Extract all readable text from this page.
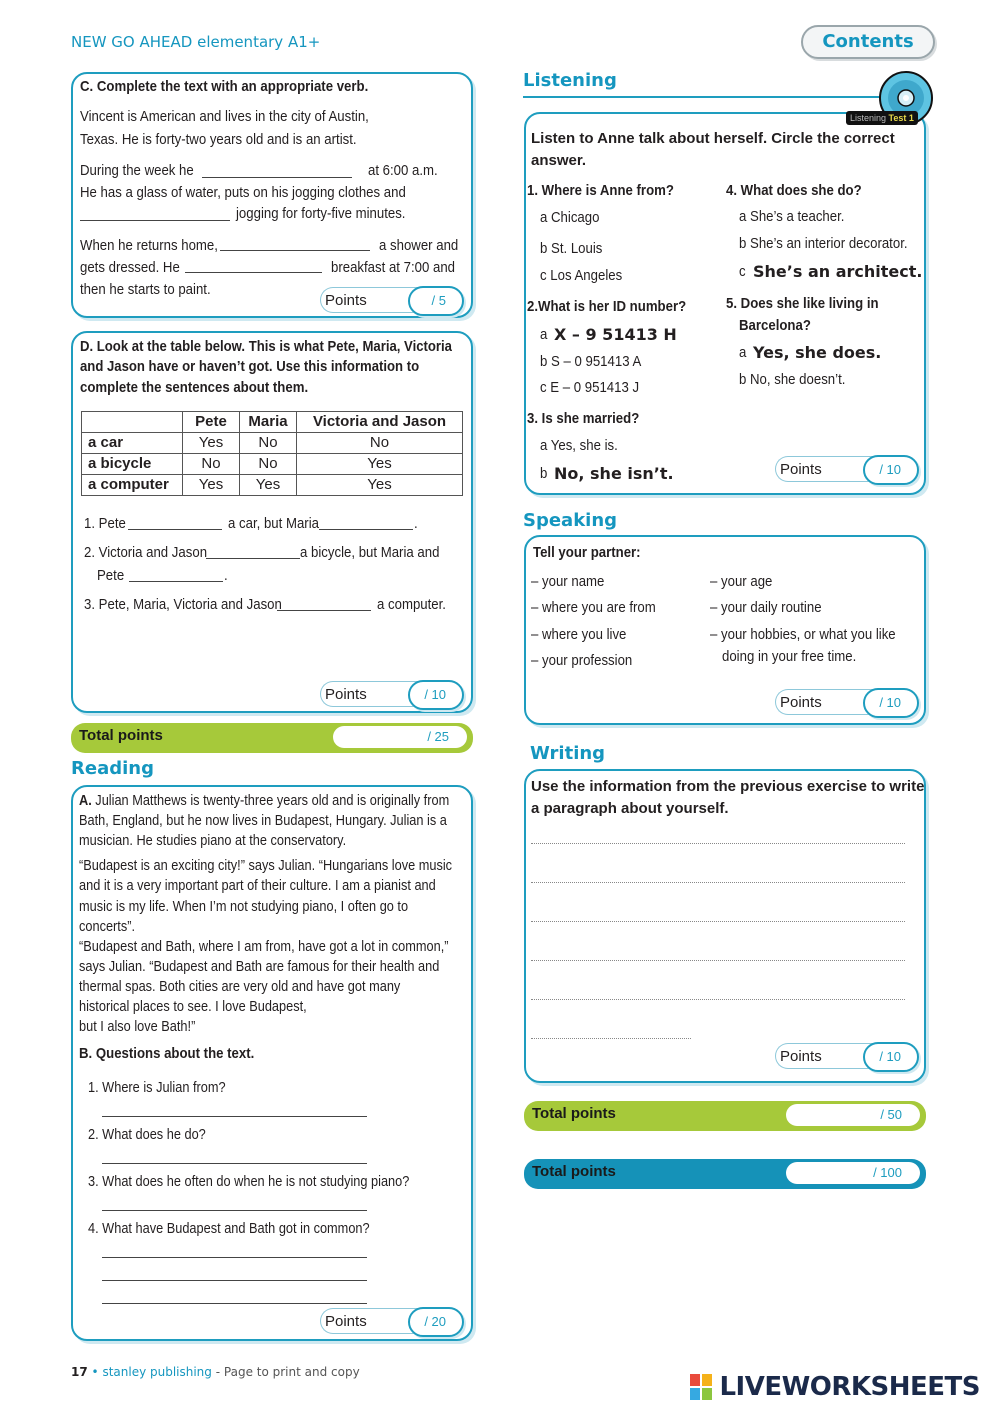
NEW GO AHEAD elementary A1+	Contents
C. Complete the text with an appropriate verb.
Vincent is American and lives in the city of Austin,
Texas. He is forty-two years old and is an artist.
During the week he	at 6:00 a.m.
He has a glass of water, puts on his jogging clothes and
jogging for forty-five minutes.
When he returns home,	a shower and
gets dressed. He	breakfast at 7:00 and
then he starts to paint.
Points	/ 5
D. Look at the table below. This is what Pete, Maria, Victoria
and Jason have or haven’t got. Use this information to
complete the sentences about them.
	Pete	Maria	Victoria and Jason
a car	Yes	No	No
a bicycle	No	No	Yes
a computer	Yes	Yes	Yes
1. Pete	a car, but Maria	.
2. Victoria and Jason	a bicycle, but Maria and
Pete	.
3. Pete, Maria, Victoria and Jason	a computer.
Points	/ 10
Total points	/ 25
Reading
A. Julian Matthews is twenty-three years old and is originally from
Bath, England, but he now lives in Budapest, Hungary. Julian is a
musician. He studies piano at the conservatory.
“Budapest is an exciting city!” says Julian. “Hungarians love music
and it is a very important part of their culture. I am a pianist and
music is my life. When I’m not studying piano, I often go to
concerts”.
“Budapest and Bath, where I am from, have got a lot in common,”
says Julian. “Budapest and Bath are famous for their health and
thermal spas. Both cities are very old and have got many
historical places to see. I love Budapest,
but I also love Bath!”
B. Questions about the text.
1. Where is Julian from?
2. What does he do?
3. What does he often do when he is not studying piano?
4. What have Budapest and Bath got in common?
Points	/ 20
Listening
Listening Test 1
Listen to Anne talk about herself. Circle the correct
answer.
1. Where is Anne from?
a Chicago
b St. Louis
c Los Angeles
2.What is her ID number?
a X – 9 51413 H
b S – 0 951413 A
c E – 0 951413 J
3. Is she married?
a Yes, she is.
b No, she isn’t.
4. What does she do?
a She’s a teacher.
b She’s an interior decorator.
c She’s an architect.
5. Does she like living in
Barcelona?
a Yes, she does.
b No, she doesn’t.
Points	/ 10
Speaking
Tell your partner:
– your name
– where you are from
– where you live
– your profession
– your age
– your daily routine
– your hobbies, or what you like
doing in your free time.
Points	/ 10
Writing
Use the information from the previous exercise to write
a paragraph about yourself.
Points	/ 10
Total points	/ 50
Total points	/ 100
17 • stanley publishing - Page to print and copy	LIVEWORKSHEETS
